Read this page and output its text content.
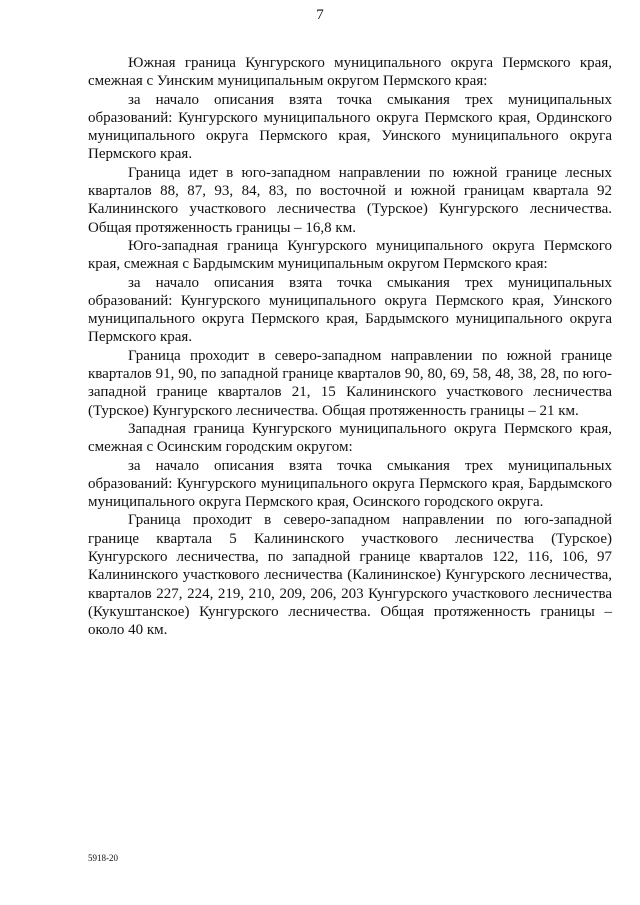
7

Южная граница Кунгурского муниципального округа Пермского края, смежная с Уинским муниципальным округом Пермского края:

за начало описания взята точка смыкания трех муниципальных образований: Кунгурского муниципального округа Пермского края, Ординского муниципального округа Пермского края, Уинского муниципального округа Пермского края.

Граница идет в юго-западном направлении по южной границе лесных кварталов 88, 87, 93, 84, 83, по восточной и южной границам квартала 92 Калининского участкового лесничества (Турское) Кунгурского лесничества. Общая протяженность границы – 16,8 км.

Юго-западная граница Кунгурского муниципального округа Пермского края, смежная с Бардымским муниципальным округом Пермского края:

за начало описания взята точка смыкания трех муниципальных образований: Кунгурского муниципального округа Пермского края, Уинского муниципального округа Пермского края, Бардымского муниципального округа Пермского края.

Граница проходит в северо-западном направлении по южной границе кварталов 91, 90, по западной границе кварталов 90, 80, 69, 58, 48, 38, 28, по юго-западной границе кварталов 21, 15 Калининского участкового лесничества (Турское) Кунгурского лесничества. Общая протяженность границы – 21 км.

Западная граница Кунгурского муниципального округа Пермского края, смежная с Осинским городским округом:

за начало описания взята точка смыкания трех муниципальных образований: Кунгурского муниципального округа Пермского края, Бардымского муниципального округа Пермского края, Осинского городского округа.

Граница проходит в северо-западном направлении по юго-западной границе квартала 5 Калининского участкового лесничества (Турское) Кунгурского лесничества, по западной границе кварталов 122, 116, 106, 97 Калининского участкового лесничества (Калининское) Кунгурского лесничества, кварталов 227, 224, 219, 210, 209, 206, 203 Кунгурского участкового лесничества (Кукуштанское) Кунгурского лесничества. Общая протяженность границы – около 40 км.

5918-20
